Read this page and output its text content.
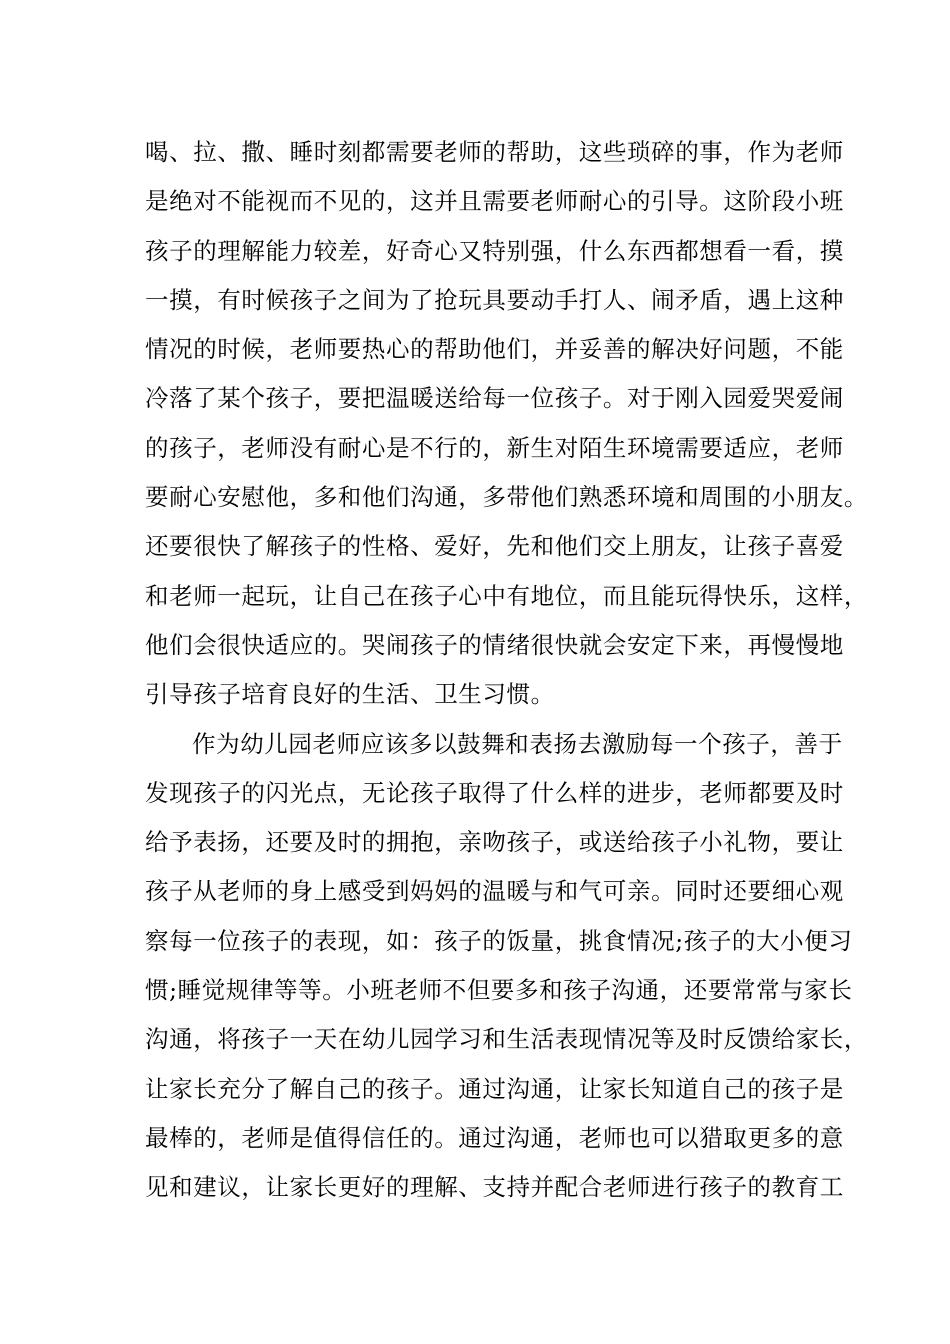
喝、拉、撒、睡时刻都需要老师的帮助，这些琐碎的事，作为老师
是绝对不能视而不见的，这并且需要老师耐心的引导。这阶段小班
孩子的理解能力较差，好奇心又特别强，什么东西都想看一看，摸
一摸，有时候孩子之间为了抢玩具要动手打人、闹矛盾，遇上这种
情况的时候，老师要热心的帮助他们，并妥善的解决好问题，不能
冷落了某个孩子，要把温暖送给每一位孩子。对于刚入园爱哭爱闹
的孩子，老师没有耐心是不行的，新生对陌生环境需要适应，老师
要耐心安慰他，多和他们沟通，多带他们熟悉环境和周围的小朋友。
还要很快了解孩子的性格、爱好，先和他们交上朋友，让孩子喜爱
和老师一起玩，让自己在孩子心中有地位，而且能玩得快乐，这样，
他们会很快适应的。哭闹孩子的情绪很快就会安定下来，再慢慢地
引导孩子培育良好的生活、卫生习惯。
作为幼儿园老师应该多以鼓舞和表扬去激励每一个孩子，善于
发现孩子的闪光点，无论孩子取得了什么样的进步，老师都要及时
给予表扬，还要及时的拥抱，亲吻孩子，或送给孩子小礼物，要让
孩子从老师的身上感受到妈妈的温暖与和气可亲。同时还要细心观
察每一位孩子的表现，如：孩子的饭量，挑食情况;孩子的大小便习
惯;睡觉规律等等。小班老师不但要多和孩子沟通，还要常常与家长
沟通，将孩子一天在幼儿园学习和生活表现情况等及时反馈给家长，
让家长充分了解自己的孩子。通过沟通，让家长知道自己的孩子是
最棒的，老师是值得信任的。通过沟通，老师也可以猎取更多的意
见和建议，让家长更好的理解、支持并配合老师进行孩子的教育工
